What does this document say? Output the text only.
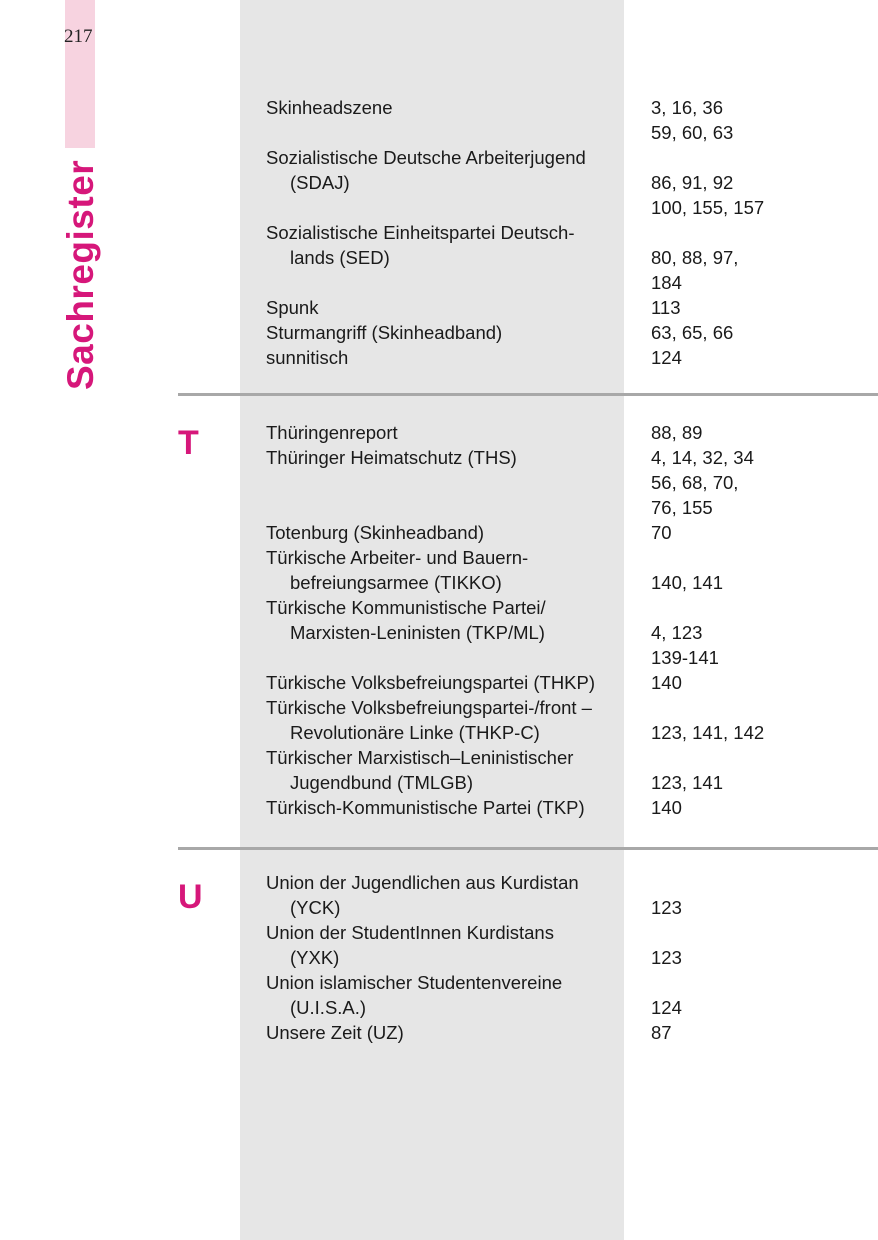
217
Sachregister
T
U
Skinheadszene	3, 16, 36
59, 60, 63
Sozialistische Deutsche Arbeiterjugend
(SDAJ)	86, 91, 92
100, 155, 157
Sozialistische Einheitspartei Deutsch-
lands (SED)	80, 88, 97,
184
Spunk	113
Sturmangriff (Skinheadband)	63, 65, 66
sunnitisch	124
Thüringenreport	88, 89
Thüringer Heimatschutz (THS)	4, 14, 32, 34
56, 68, 70,
76, 155
Totenburg (Skinheadband)	70
Türkische Arbeiter- und Bauern-
befreiungsarmee (TIKKO)	140, 141
Türkische Kommunistische Partei/
Marxisten-Leninisten (TKP/ML)	4, 123
139-141
Türkische Volksbefreiungspartei (THKP)	140
Türkische Volksbefreiungspartei-/front –
Revolutionäre Linke (THKP-C)	123, 141, 142
Türkischer Marxistisch–Leninistischer
Jugendbund (TMLGB)	123, 141
Türkisch-Kommunistische Partei (TKP)	140
Union der Jugendlichen aus Kurdistan
(YCK)	123
Union der StudentInnen Kurdistans
(YXK)	123
Union islamischer Studentenvereine
(U.I.S.A.)	124
Unsere Zeit (UZ)	87
